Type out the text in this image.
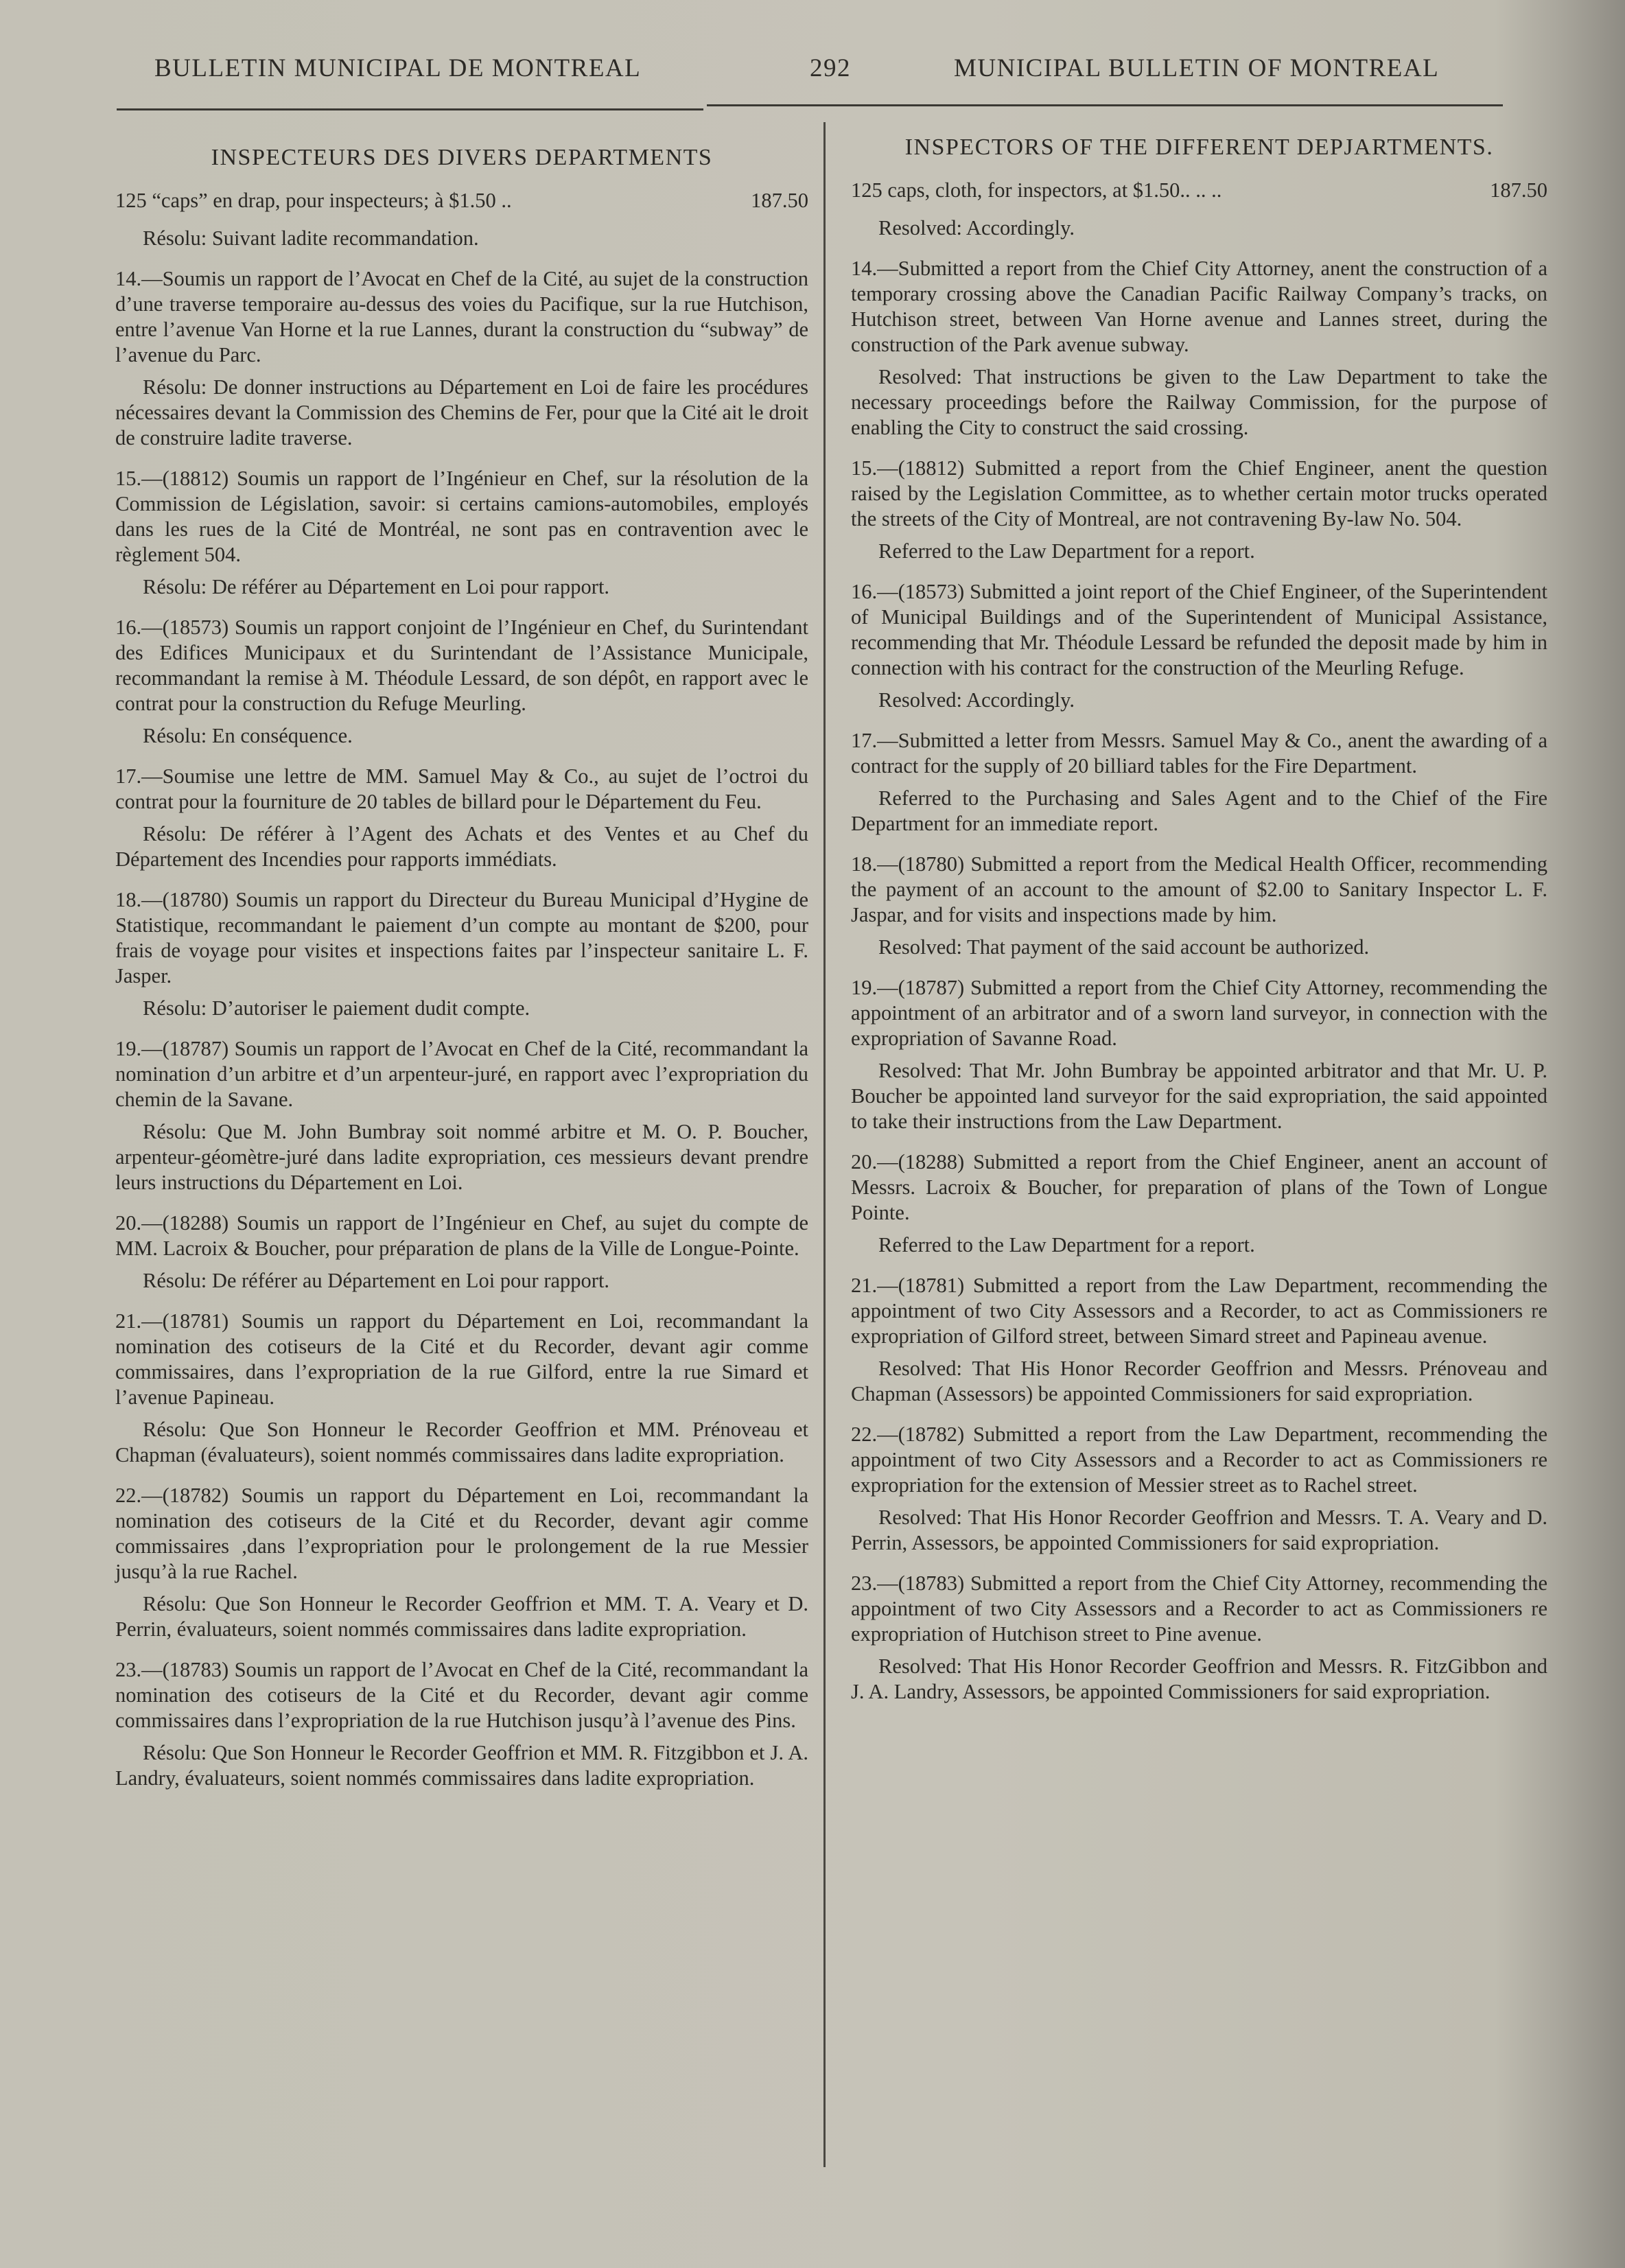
BULLETIN MUNICIPAL DE MONTREAL	292	MUNICIPAL BULLETIN OF MONTREAL
INSPECTEURS DES DIVERS DEPARTMENTS
125 “caps” en drap, pour inspecteurs; à $1.50 ..	187.50

Résolu: Suivant ladite recommandation.

14.—Soumis un rapport de l’Avocat en Chef de la Cité, au sujet de la construction d’une traverse temporaire au-dessus des voies du Pacifique, sur la rue Hutchison, entre l’avenue Van Horne et la rue Lannes, durant la construction du “subway” de l’avenue du Parc.

Résolu: De donner instructions au Département en Loi de faire les procédures nécessaires devant la Commission des Chemins de Fer, pour que la Cité ait le droit de construire ladite traverse.

15.—(18812) Soumis un rapport de l’Ingénieur en Chef, sur la résolution de la Commission de Législation, savoir: si certains camions-automobiles, employés dans les rues de la Cité de Montréal, ne sont pas en contravention avec le règlement 504.

Résolu: De référer au Département en Loi pour rapport.

16.—(18573) Soumis un rapport conjoint de l’Ingénieur en Chef, du Surintendant des Edifices Municipaux et du Surintendant de l’Assistance Municipale, recommandant la remise à M. Théodule Lessard, de son dépôt, en rapport avec le contrat pour la construction du Refuge Meurling.

Résolu: En conséquence.

17.—Soumise une lettre de MM. Samuel May & Co., au sujet de l’octroi du contrat pour la fourniture de 20 tables de billard pour le Département du Feu.

Résolu: De référer à l’Agent des Achats et des Ventes et au Chef du Département des Incendies pour rapports immédiats.

18.—(18780) Soumis un rapport du Directeur du Bureau Municipal d’Hygine de Statistique, recommandant le paiement d’un compte au montant de $200, pour frais de voyage pour visites et inspections faites par l’inspecteur sanitaire L. F. Jasper.

Résolu: D’autoriser le paiement dudit compte.

19.—(18787) Soumis un rapport de l’Avocat en Chef de la Cité, recommandant la nomination d’un arbitre et d’un arpenteur-juré, en rapport avec l’expropriation du chemin de la Savane.

Résolu: Que M. John Bumbray soit nommé arbitre et M. O. P. Boucher, arpenteur-géomètre-juré dans ladite expropriation, ces messieurs devant prendre leurs instructions du Département en Loi.

20.—(18288) Soumis un rapport de l’Ingénieur en Chef, au sujet du compte de MM. Lacroix & Boucher, pour préparation de plans de la Ville de Longue-Pointe.

Résolu: De référer au Département en Loi pour rapport.

21.—(18781) Soumis un rapport du Département en Loi, recommandant la nomination des cotiseurs de la Cité et du Recorder, devant agir comme commissaires, dans l’expropriation de la rue Gilford, entre la rue Simard et l’avenue Papineau.

Résolu: Que Son Honneur le Recorder Geoffrion et MM. Prénoveau et Chapman (évaluateurs), soient nommés commissaires dans ladite expropriation.

22.—(18782) Soumis un rapport du Département en Loi, recommandant la nomination des cotiseurs de la Cité et du Recorder, devant agir comme commissaires ,dans l’expropriation pour le prolongement de la rue Messier jusqu’à la rue Rachel.

Résolu: Que Son Honneur le Recorder Geoffrion et MM. T. A. Veary et D. Perrin, évaluateurs, soient nommés commissaires dans ladite expropriation.

23.—(18783) Soumis un rapport de l’Avocat en Chef de la Cité, recommandant la nomination des cotiseurs de la Cité et du Recorder, devant agir comme commissaires dans l’expropriation de la rue Hutchison jusqu’à l’avenue des Pins.

Résolu: Que Son Honneur le Recorder Geoffrion et MM. R. Fitzgibbon et J. A. Landry, évaluateurs, soient nommés commissaires dans ladite expropriation.

INSPECTORS OF THE DIFFERENT DEPJARTMENTS.
125 caps, cloth, for inspectors, at $1.50.. .. ..	187.50

Resolved: Accordingly.

14.—Submitted a report from the Chief City Attorney, anent the construction of a temporary crossing above the Canadian Pacific Railway Company’s tracks, on Hutchison street, between Van Horne avenue and Lannes street, during the construction of the Park avenue subway.

Resolved: That instructions be given to the Law Department to take the necessary proceedings before the Railway Commission, for the purpose of enabling the City to construct the said crossing.

15.—(18812) Submitted a report from the Chief Engineer, anent the question raised by the Legislation Committee, as to whether certain motor trucks operated the streets of the City of Montreal, are not contravening By-law No. 504.

Referred to the Law Department for a report.

16.—(18573) Submitted a joint report of the Chief Engineer, of the Superintendent of Municipal Buildings and of the Superintendent of Municipal Assistance, recommending that Mr. Théodule Lessard be refunded the deposit made by him in connection with his contract for the construction of the Meurling Refuge.

Resolved: Accordingly.

17.—Submitted a letter from Messrs. Samuel May & Co., anent the awarding of a contract for the supply of 20 billiard tables for the Fire Department.

Referred to the Purchasing and Sales Agent and to the Chief of the Fire Department for an immediate report.

18.—(18780) Submitted a report from the Medical Health Officer, recommending the payment of an account to the amount of $2.00 to Sanitary Inspector L. F. Jaspar, and for visits and inspections made by him.

Resolved: That payment of the said account be authorized.

19.—(18787) Submitted a report from the Chief City Attorney, recommending the appointment of an arbitrator and of a sworn land surveyor, in connection with the expropriation of Savanne Road.

Resolved: That Mr. John Bumbray be appointed arbitrator and that Mr. U. P. Boucher be appointed land surveyor for the said expropriation, the said appointed to take their instructions from the Law Department.

20.—(18288) Submitted a report from the Chief Engineer, anent an account of Messrs. Lacroix & Boucher, for preparation of plans of the Town of Longue Pointe.

Referred to the Law Department for a report.

21.—(18781) Submitted a report from the Law Department, recommending the appointment of two City Assessors and a Recorder, to act as Commissioners re expropriation of Gilford street, between Simard street and Papineau avenue.

Resolved: That His Honor Recorder Geoffrion and Messrs. Prénoveau and Chapman (Assessors) be appointed Commissioners for said expropriation.

22.—(18782) Submitted a report from the Law Department, recommending the appointment of two City Assessors and a Recorder to act as Commissioners re expropriation for the extension of Messier street as to Rachel street.

Resolved: That His Honor Recorder Geoffrion and Messrs. T. A. Veary and D. Perrin, Assessors, be appointed Commissioners for said expropriation.

23.—(18783) Submitted a report from the Chief City Attorney, recommending the appointment of two City Assessors and a Recorder to act as Commissioners re expropriation of Hutchison street to Pine avenue.

Resolved: That His Honor Recorder Geoffrion and Messrs. R. FitzGibbon and J. A. Landry, Assessors, be appointed Commissioners for said expropriation.
